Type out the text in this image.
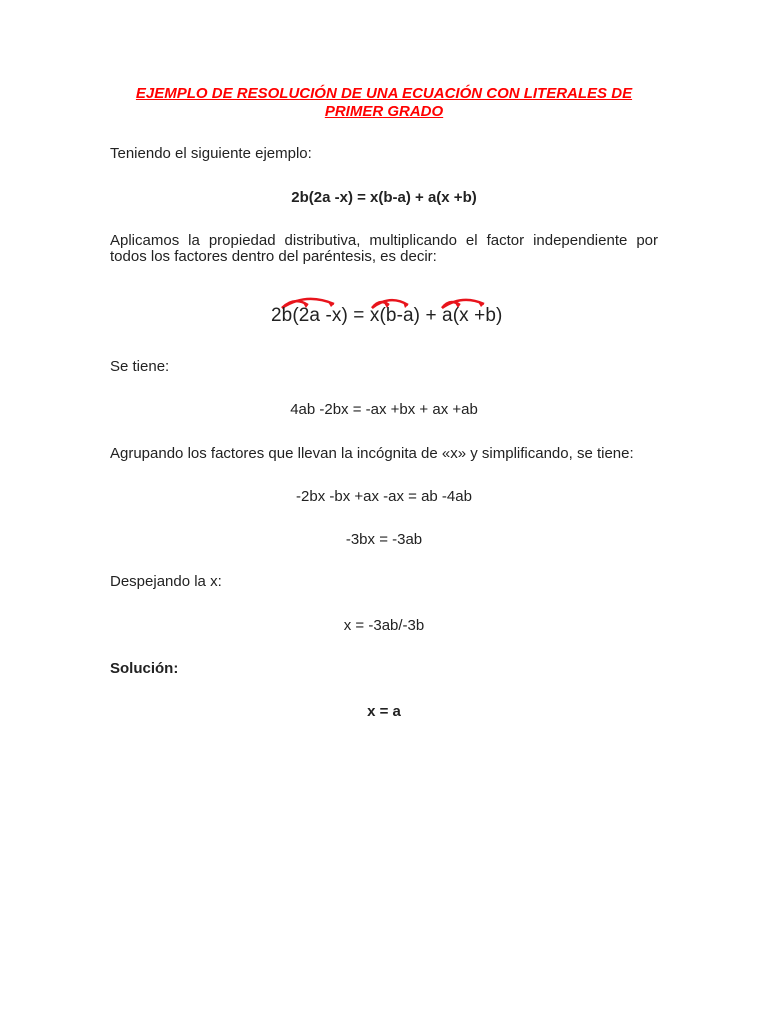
EJEMPLO DE RESOLUCIÓN DE UNA ECUACIÓN CON LITERALES DE PRIMER GRADO
Teniendo el siguiente ejemplo:
2b(2a -x) = x(b-a) + a(x +b)
Aplicamos la propiedad distributiva, multiplicando el factor independiente por todos los factores dentro del paréntesis, es decir:
2b(2a -x) = x(b-a) + a(x +b)
Se tiene:
4ab -2bx = -ax +bx + ax +ab
Agrupando los factores que llevan la incógnita de «x» y simplificando, se tiene:
-2bx -bx +ax -ax = ab -4ab
-3bx = -3ab
Despejando la x:
x = -3ab/-3b
Solución:
x = a
